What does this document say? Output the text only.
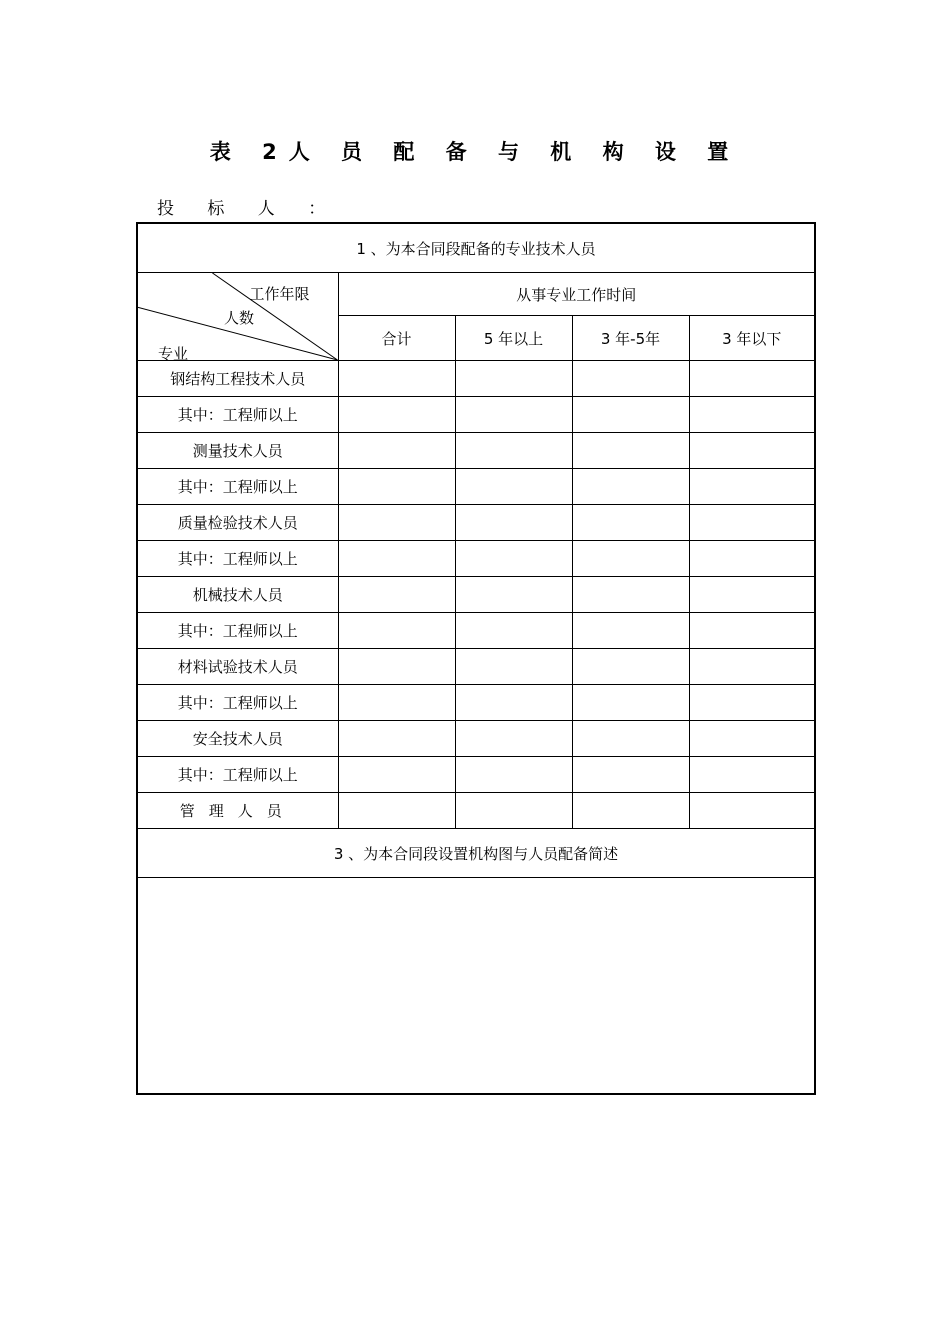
表 2人 员 配 备 与 机 构 设 置
投 标 人 ：
1 、为本合同段配备的专业技术人员				

工作年限
人数
专业	从事专业工作时间			
	合计	5 年以上	3 年-5年	3 年以下
钢结构工程技术人员				
其中：工程师以上				
测量技术人员				
其中：工程师以上				
质量检验技术人员				
其中：工程师以上				
机械技术人员				
其中：工程师以上				
材料试验技术人员				
其中：工程师以上				
安全技术人员				
其中：工程师以上				
管理人员				
3 、为本合同段设置机构图与人员配备简述				
